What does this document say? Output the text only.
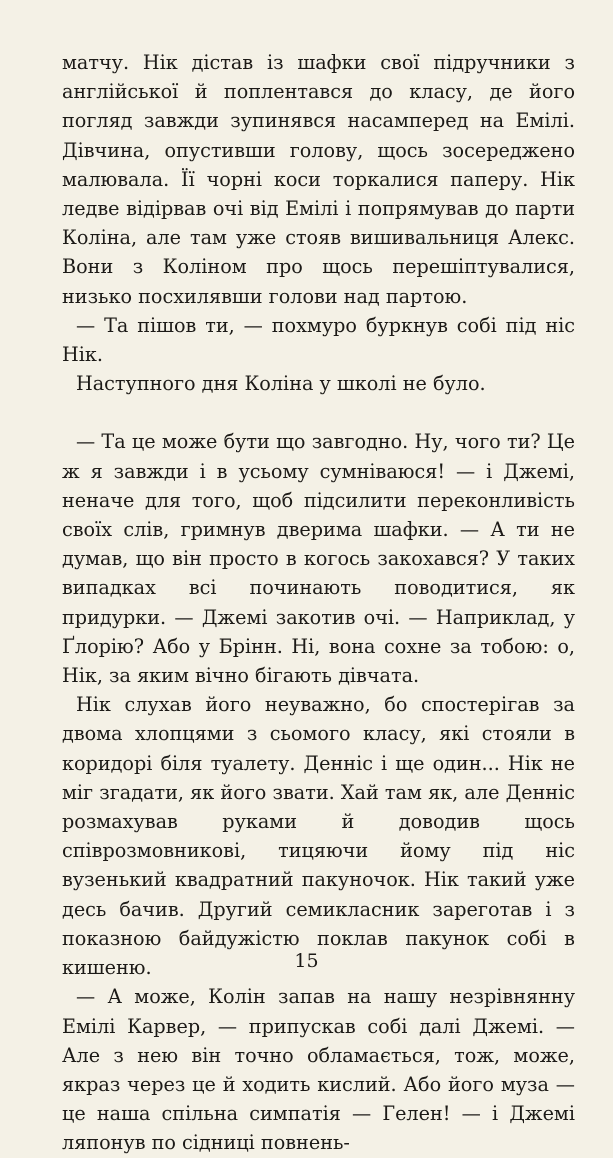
матчу. Нік дістав із шафки свої підручники з англійської й поплентався до класу, де його погляд завжди зупинявся насамперед на Емілі. Дівчина, опустивши голову, щось зосереджено малювала. Її чорні коси торкалися паперу. Нік ледве відірвав очі від Емілі і попрямував до парти Коліна, але там уже стояв вишивальниця Алекс. Вони з Коліном про щось перешіптувалися, низько посхилявши голови над партою.

— Та пішов ти, — похмуро буркнув собі під ніс Нік.

Наступного дня Коліна у школі не було.

— Та це може бути що завгодно. Ну, чого ти? Це ж я завжди і в усьому сумніваюся! — і Джемі, неначе для того, щоб підсилити переконливість своїх слів, гримнув дверима шафки. — А ти не думав, що він просто в когось закохався? У таких випадках всі починають поводитися, як придурки. — Джемі закотив очі. — Наприклад, у Ґлорію? Або у Брінн. Ні, вона сохне за тобою: о, Нік, за яким вічно бігають дівчата.

Нік слухав його неуважно, бо спостерігав за двома хлопцями з сьомого класу, які стояли в коридорі біля туалету. Денніс і ще один... Нік не міг згадати, як його звати. Хай там як, але Денніс розмахував руками й доводив щось співрозмовникові, тицяючи йому під ніс вузенький квадратний пакуночок. Нік такий уже десь бачив. Другий семикласник зареготав і з показною байдужістю поклав пакунок собі в кишеню.

— А може, Колін запав на нашу незрівнянну Емілі Карвер, — припускав собі далі Джемі. — Але з нею він точно обламається, тож, може, якраз через це й ходить кислий. Або його муза — це наша спільна симпатія — Гелен! — і Джемі ляпонув по сідниці повнень-

15
